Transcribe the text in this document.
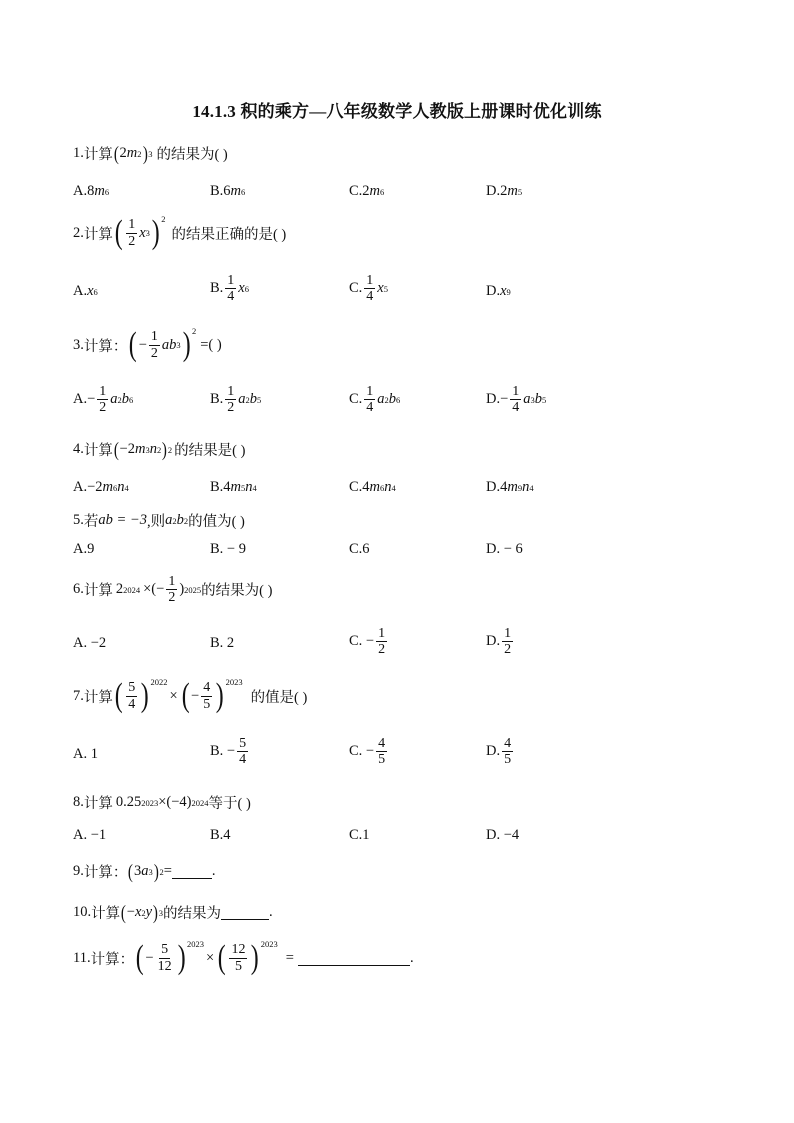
14.1.3 积的乘方—八年级数学人教版上册课时优化训练
1. 计算 ( 2 m 2 ) 3 的结果为( )
A. 8 m 6	B. 6 m 6	C. 2 m 6	D. 2 m 5
2. 计算 ( $\frac{1}{2}$ x 3 ) 2
的结果正确的是( )
A. x 6	B. $\frac{1}{4}$ x 6	C. $\frac{1}{4}$ x 5	D. x 9
3. 计算： ( − $\frac{1}{2}$ ab 3 ) 2
=( )
A. − $\frac{1}{2}$ a 2 b 6	B. $\frac{1}{2}$ a 2 b 5	C. $\frac{1}{4}$ a 2 b 6	D. − $\frac{1}{4}$ a 3 b 5
4. 计算 ( −2 m 3 n 2 ) 2 的结果是( )
A. −2 m 6 n 4	B. 4 m 5 n 4	C. 4 m 6 n 4	D. 4 m 9 n 4
5. 若 ab = −3 ,则 a 2 b 2 的值为( )
A.9	B. − 9	C.6	D. − 6
6. 计算 2 2024 ×(− $\frac{1}{2}$ ) 2025 的结果为( )
A. −2	B. 2	C. − $\frac{1}{2}$	D. $\frac{1}{2}$
7. 计算 ( $\frac{5}{4}$ ) 2022
× ( − $\frac{4}{5}$ ) 2023
的值是( )
A. 1	B. − $\frac{5}{4}$	C. − $\frac{4}{5}$	D. $\frac{4}{5}$
8. 计算 0.25 2023 ×(−4) 2024 等于( )
A. −1	B.4	C.1	D. −4
9. 计算： ( 3 a 3 ) 2 =	.
10. 计算 ( − x 2 y ) 3 的结果为	.
11. 计算： ( − $\frac{5}{12}$ ) 2023
× ( $\frac{12}{5}$ ) 2023
=	.
